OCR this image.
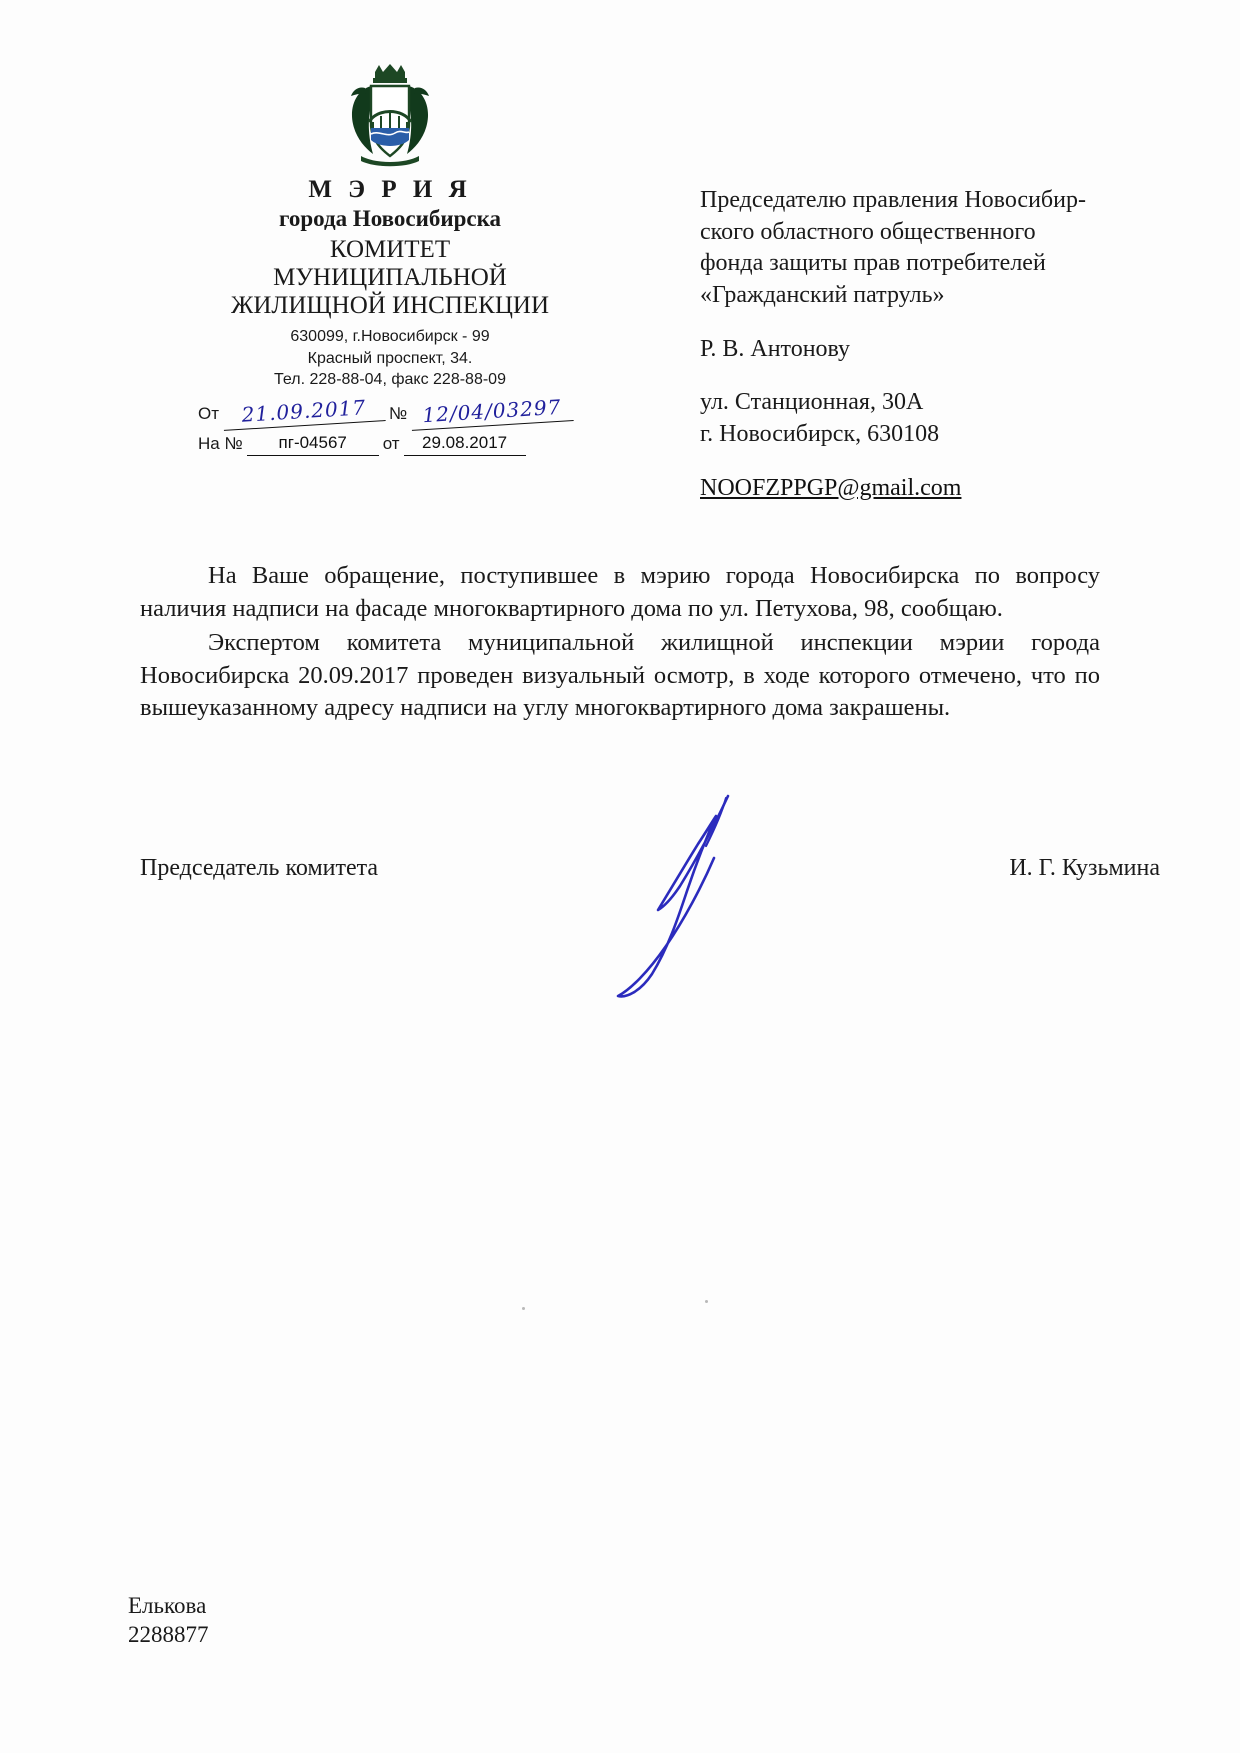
М Э Р И Я
города Новосибирска
КОМИТЕТ
МУНИЦИПАЛЬНОЙ
ЖИЛИЩНОЙ ИНСПЕКЦИИ
630099, г.Новосибирск - 99
Красный проспект, 34.
Тел. 228-88-04, факс 228-88-09
От	21.09.2017	№ 12/04/03297
На №	пг-04567	от	29.08.2017

Председателю правления Новосибир-

ского областного общественного

фонда защиты прав потребителей

«Гражданский патруль»

Р. В. Антонову

ул. Станционная, 30А

г. Новосибирск, 630108

NOOFZPPGP@gmail.com

На Ваше обращение, поступившее в мэрию города Новосибирска по вопросу наличия надписи на фасаде многоквартирного дома по ул. Петухова, 98, сообщаю.

Экспертом комитета муниципальной жилищной инспекции мэрии города Новосибирска 20.09.2017 проведен визуальный осмотр, в ходе которого отмечено, что по вышеуказанному адресу надписи на углу многоквартирного дома закрашены.

Председатель комитета	И. Г. Кузьмина
Елькова
2288877
